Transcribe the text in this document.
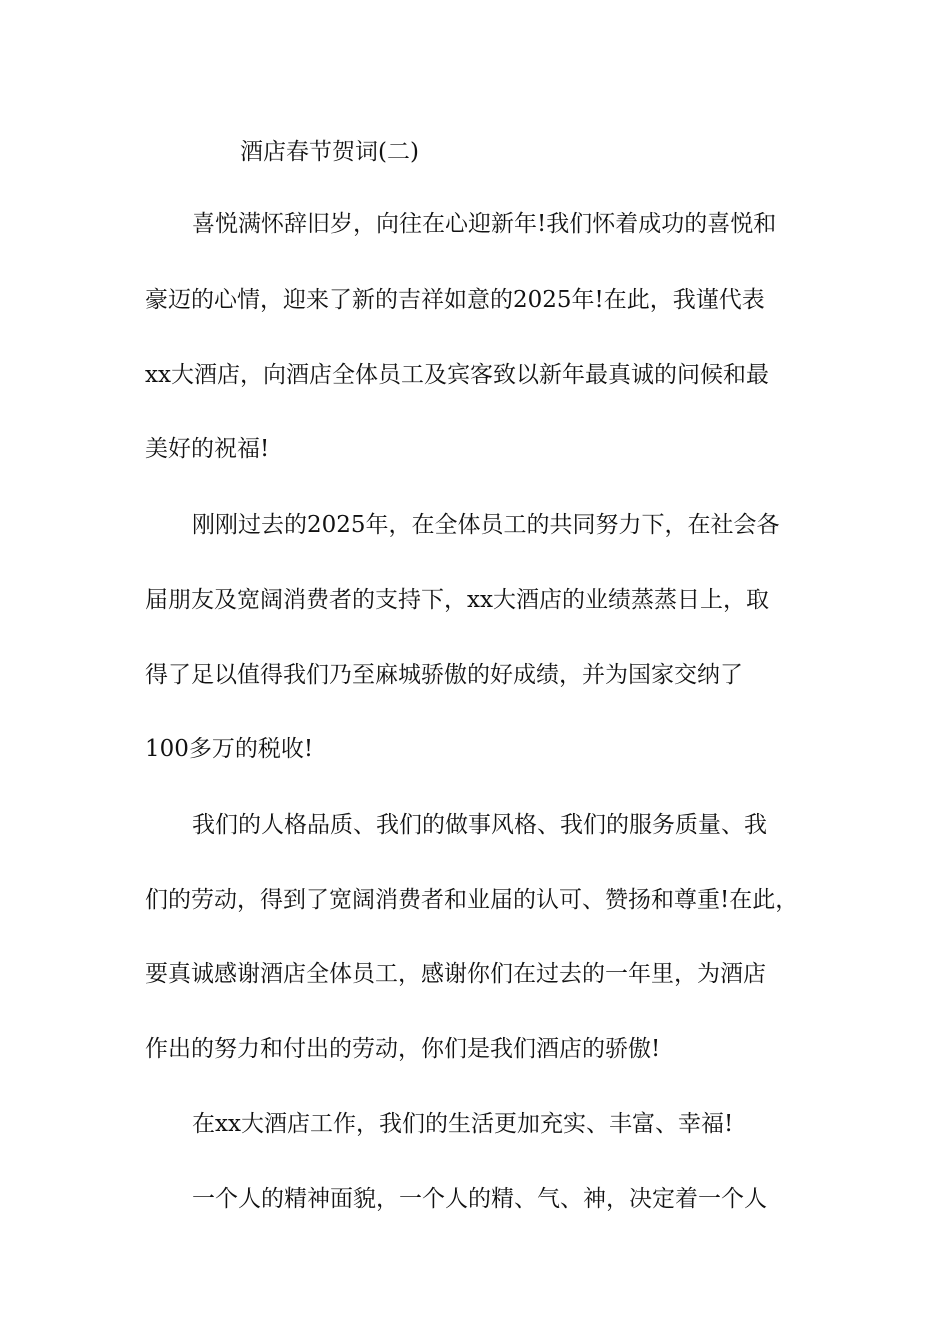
酒店春节贺词(二)
喜悦满怀辞旧岁，向往在心迎新年!我们怀着成功的喜悦和
豪迈的心情，迎来了新的吉祥如意的2025年!在此，我谨代表
xx大酒店，向酒店全体员工及宾客致以新年最真诚的问候和最
美好的祝福!
刚刚过去的2025年，在全体员工的共同努力下，在社会各
届朋友及宽阔消费者的支持下，xx大酒店的业绩蒸蒸日上，取
得了足以值得我们乃至麻城骄傲的好成绩，并为国家交纳了
100多万的税收!
我们的人格品质、我们的做事风格、我们的服务质量、我
们的劳动，得到了宽阔消费者和业届的认可、赞扬和尊重!在此，
要真诚感谢酒店全体员工，感谢你们在过去的一年里，为酒店
作出的努力和付出的劳动，你们是我们酒店的骄傲!
在xx大酒店工作，我们的生活更加充实、丰富、幸福!
一个人的精神面貌，一个人的精、气、神，决定着一个人
